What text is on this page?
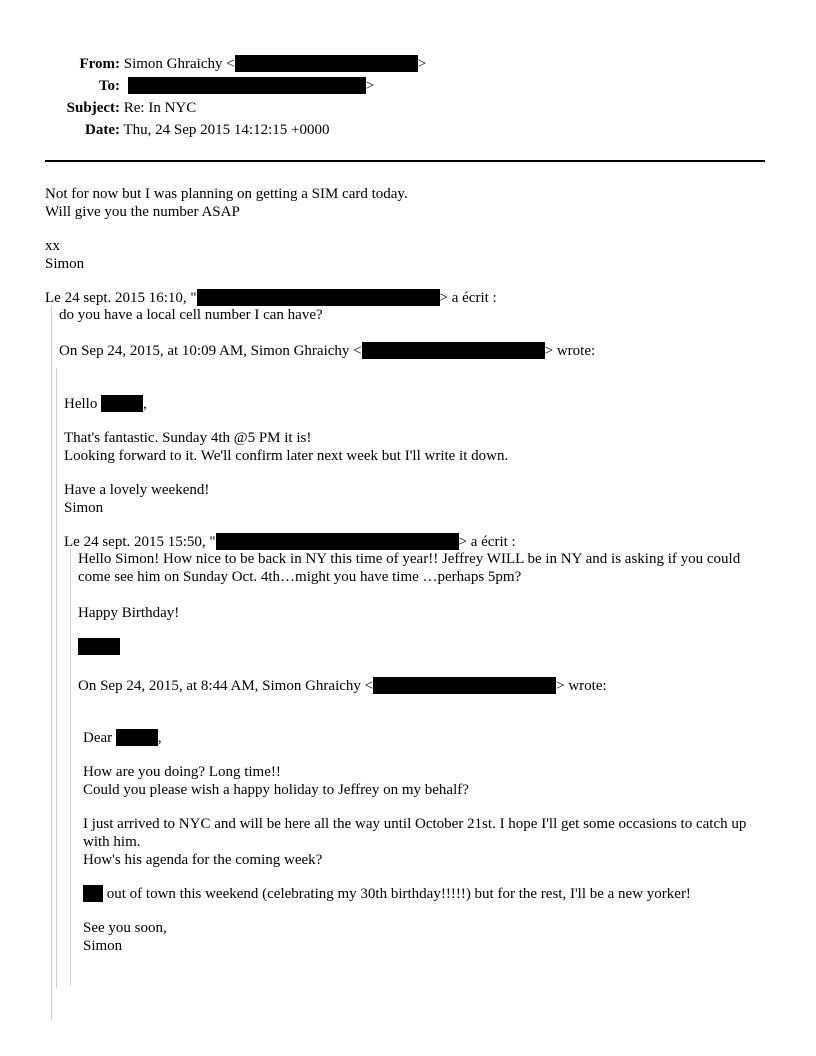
From: Simon Ghraichy <	>
To:	>
Subject: Re: In NYC
Date: Thu, 24 Sep 2015 14:12:15 +0000
Not for now but I was planning on getting a SIM card today.
Will give you the number ASAP
xx
Simon
Le 24 sept. 2015 16:10, "	> a écrit :
do you have a local cell number I can have?
On Sep 24, 2015, at 10:09 AM, Simon Ghraichy <	> wrote:
Hello	,
That's fantastic. Sunday 4th @5 PM it is!
Looking forward to it. We'll confirm later next week but I'll write it down.
Have a lovely weekend!
Simon
Le 24 sept. 2015 15:50, "	> a écrit :
Hello Simon! How nice to be back in NY this time of year!! Jeffrey WILL be in NY and is asking if you could come see him on Sunday Oct. 4th…might you have time …perhaps 5pm?
Happy Birthday!
On Sep 24, 2015, at 8:44 AM, Simon Ghraichy <	> wrote:
Dear	,
How are you doing? Long time!!
Could you please wish a happy holiday to Jeffrey on my behalf?
I just arrived to NYC and will be here all the way until October 21st. I hope I'll get some occasions to catch up with him.
How's his agenda for the coming week?
out of town this weekend (celebrating my 30th birthday!!!!!) but for the rest, I'll be a new yorker!
See you soon,
Simon
